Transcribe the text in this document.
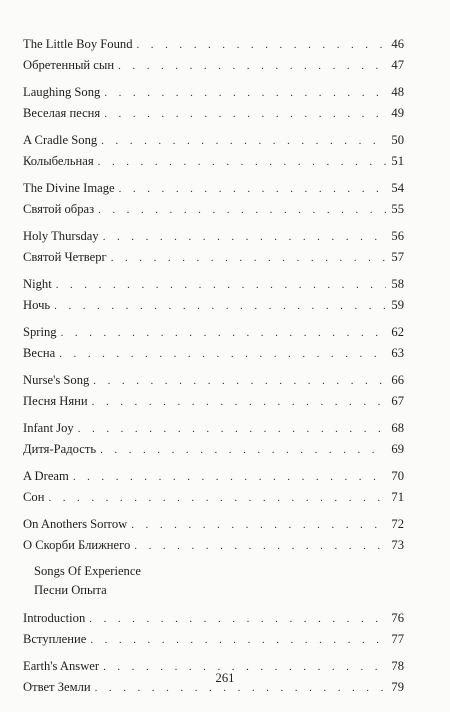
The Little Boy Found . . .	46
Обретенный сын . . .	47
Laughing Song . . .	48
Веселая песня . . .	49
A Cradle Song . . .	50
Колыбельная . . .	51
The Divine Image . . .	54
Святой образ . . .	55
Holy Thursday . . .	56
Святой Четверг . . .	57
Night . . .	58
Ночь . . .	59
Spring . . .	62
Весна . . .	63
Nurse's Song . . .	66
Песня Няни . . .	67
Infant Joy . . .	68
Дитя-Радость . . .	69
A Dream . . .	70
Сон . . .	71
On Anothers Sorrow . . .	72
О Скорби Ближнего . . .	73
Songs Of Experience
Песни Опыта
Introduction . . .	76
Вступление . . .	77
Earth's Answer . . .	78
Ответ Земли . . .	79
261
